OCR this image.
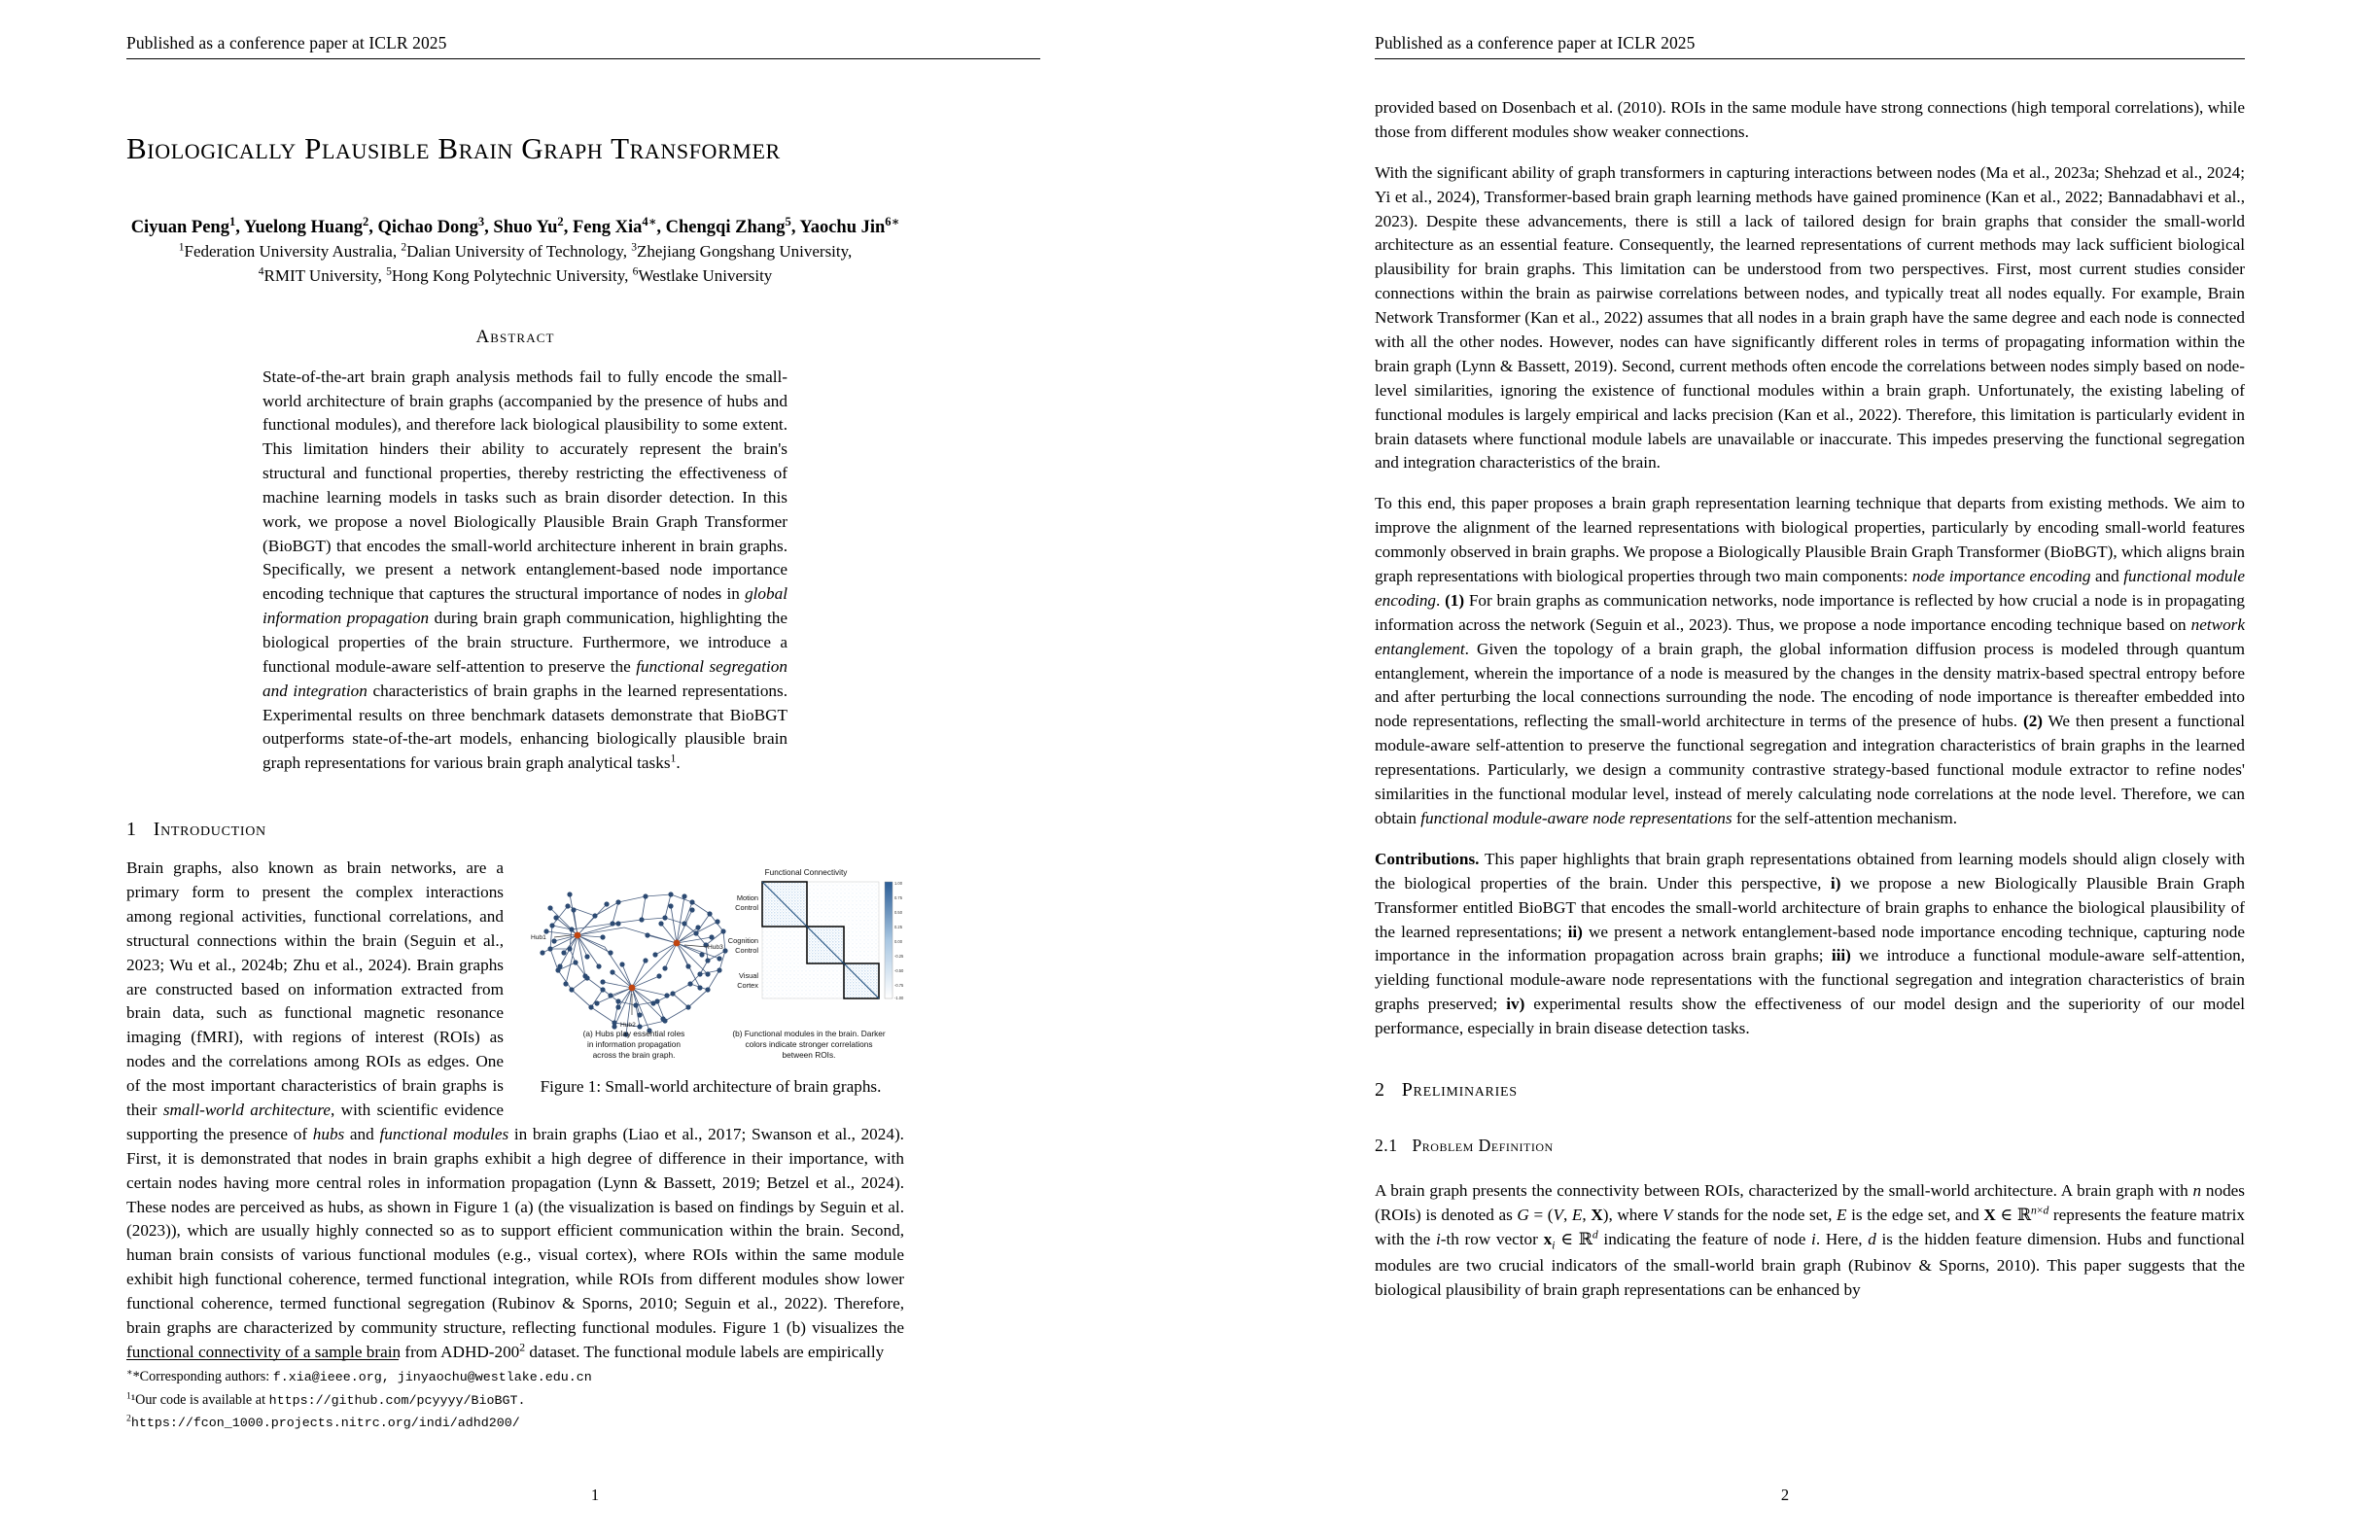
Published as a conference paper at ICLR 2025
Biologically Plausible Brain Graph Transformer
Ciyuan Peng$^1$, Yuelong Huang$^2$, Qichao Dong$^3$, Shuo Yu$^2$, Feng Xia$^{4∗}$, Chengqi Zhang$^5$, Yaochu Jin$^{6∗}$
$^1$Federation University Australia, $^2$Dalian University of Technology, $^3$Zhejiang Gongshang University,
$^4$RMIT University, $^5$Hong Kong Polytechnic University, $^6$Westlake University
Abstract
State-of-the-art brain graph analysis methods fail to fully encode the small-world architecture of brain graphs (accompanied by the presence of hubs and functional modules), and therefore lack biological plausibility to some extent. This limitation hinders their ability to accurately represent the brain's structural and functional properties, thereby restricting the effectiveness of machine learning models in tasks such as brain disorder detection. In this work, we propose a novel Biologically Plausible Brain Graph Transformer (BioBGT) that encodes the small-world architecture inherent in brain graphs. Specifically, we present a network entanglement-based node importance encoding technique that captures the structural importance of nodes in global information propagation during brain graph communication, highlighting the biological properties of the brain structure. Furthermore, we introduce a functional module-aware self-attention to preserve the functional segregation and integration characteristics of brain graphs in the learned representations. Experimental results on three benchmark datasets demonstrate that BioBGT outperforms state-of-the-art models, enhancing biologically plausible brain graph representations for various brain graph analytical tasks$^1$.
1 Introduction
Hub1
Hub2
Hub3
Functional Connectivity
Motion
Control
Cognition
Control
Visual
Cortex
1.00
0.75
0.50
0.25
0.00
-0.25
-0.50
-0.75
-1.00
(a) Hubs play essential roles
in information propagation
across the brain graph.
(b) Functional modules in the brain. Darker
colors indicate stronger correlations
between ROIs.
Figure 1: Small-world architecture of brain graphs.

Brain graphs, also known as brain networks, are a primary form to present the complex interactions among regional activities, functional correlations, and structural connections within the brain (Seguin et al., 2023; Wu et al., 2024b; Zhu et al., 2024). Brain graphs are constructed based on information extracted from brain data, such as functional magnetic resonance imaging (fMRI), with regions of interest (ROIs) as nodes and the correlations among ROIs as edges. One of the most important characteristics of brain graphs is their small-world architecture, with scientific evidence supporting the presence of hubs and functional modules in brain graphs (Liao et al., 2017; Swanson et al., 2024). First, it is demonstrated that nodes in brain graphs exhibit a high degree of difference in their importance, with certain nodes having more central roles in information propagation (Lynn & Bassett, 2019; Betzel et al., 2024). These nodes are perceived as hubs, as shown in Figure 1 (a) (the visualization is based on findings by Seguin et al. (2023)), which are usually highly connected so as to support efficient communication within the brain. Second, human brain consists of various functional modules (e.g., visual cortex), where ROIs within the same module exhibit high functional coherence, termed functional integration, while ROIs from different modules show lower functional coherence, termed functional segregation (Rubinov & Sporns, 2010; Seguin et al., 2022). Therefore, brain graphs are characterized by community structure, reflecting functional modules. Figure 1 (b) visualizes the functional connectivity of a sample brain from ADHD-$200^2$ dataset. The functional module labels are empirically

∗*Corresponding authors: f.xia@ieee.org, jinyaochu@westlake.edu.cn
$^1$¹Our code is available at https://github.com/pcyyyy/BioBGT.
$^2$https://fcon_1000.projects.nitrc.org/indi/adhd200/
1
Published as a conference paper at ICLR 2025

provided based on Dosenbach et al. (2010). ROIs in the same module have strong connections (high temporal correlations), while those from different modules show weaker connections.

With the significant ability of graph transformers in capturing interactions between nodes (Ma et al., 2023a; Shehzad et al., 2024; Yi et al., 2024), Transformer-based brain graph learning methods have gained prominence (Kan et al., 2022; Bannadabhavi et al., 2023). Despite these advancements, there is still a lack of tailored design for brain graphs that consider the small-world architecture as an essential feature. Consequently, the learned representations of current methods may lack sufficient biological plausibility for brain graphs. This limitation can be understood from two perspectives. First, most current studies consider connections within the brain as pairwise correlations between nodes, and typically treat all nodes equally. For example, Brain Network Transformer (Kan et al., 2022) assumes that all nodes in a brain graph have the same degree and each node is connected with all the other nodes. However, nodes can have significantly different roles in terms of propagating information within the brain graph (Lynn & Bassett, 2019). Second, current methods often encode the correlations between nodes simply based on node-level similarities, ignoring the existence of functional modules within a brain graph. Unfortunately, the existing labeling of functional modules is largely empirical and lacks precision (Kan et al., 2022). Therefore, this limitation is particularly evident in brain datasets where functional module labels are unavailable or inaccurate. This impedes preserving the functional segregation and integration characteristics of the brain.

To this end, this paper proposes a brain graph representation learning technique that departs from existing methods. We aim to improve the alignment of the learned representations with biological properties, particularly by encoding small-world features commonly observed in brain graphs. We propose a Biologically Plausible Brain Graph Transformer (BioBGT), which aligns brain graph representations with biological properties through two main components: node importance encoding and functional module encoding. (1) For brain graphs as communication networks, node importance is reflected by how crucial a node is in propagating information across the network (Seguin et al., 2023). Thus, we propose a node importance encoding technique based on network entanglement. Given the topology of a brain graph, the global information diffusion process is modeled through quantum entanglement, wherein the importance of a node is measured by the changes in the density matrix-based spectral entropy before and after perturbing the local connections surrounding the node. The encoding of node importance is thereafter embedded into node representations, reflecting the small-world architecture in terms of the presence of hubs. (2) We then present a functional module-aware self-attention to preserve the functional segregation and integration characteristics of brain graphs in the learned representations. Particularly, we design a community contrastive strategy-based functional module extractor to refine nodes' similarities in the functional modular level, instead of merely calculating node correlations at the node level. Therefore, we can obtain functional module-aware node representations for the self-attention mechanism.

Contributions. This paper highlights that brain graph representations obtained from learning models should align closely with the biological properties of the brain. Under this perspective, i) we propose a new Biologically Plausible Brain Graph Transformer entitled BioBGT that encodes the small-world architecture of brain graphs to enhance the biological plausibility of the learned representations; ii) we present a network entanglement-based node importance encoding technique, capturing node importance in the information propagation across brain graphs; iii) we introduce a functional module-aware self-attention, yielding functional module-aware node representations with the functional segregation and integration characteristics of brain graphs preserved; iv) experimental results show the effectiveness of our model design and the superiority of our model performance, especially in brain disease detection tasks.

2 Preliminaries
2.1 Problem Definition

A brain graph presents the connectivity between ROIs, characterized by the small-world architecture. A brain graph with n nodes (ROIs) is denoted as G = (V, E, X), where V stands for the node set, E is the edge set, and X ∈ ℝ$^{n\times d}$ represents the feature matrix with the i-th row vector $x_i$ ∈ ℝ$^d$ indicating the feature of node i. Here, d is the hidden feature dimension. Hubs and functional modules are two crucial indicators of the small-world brain graph (Rubinov & Sporns, 2010). This paper suggests that the biological plausibility of brain graph representations can be enhanced by

2
